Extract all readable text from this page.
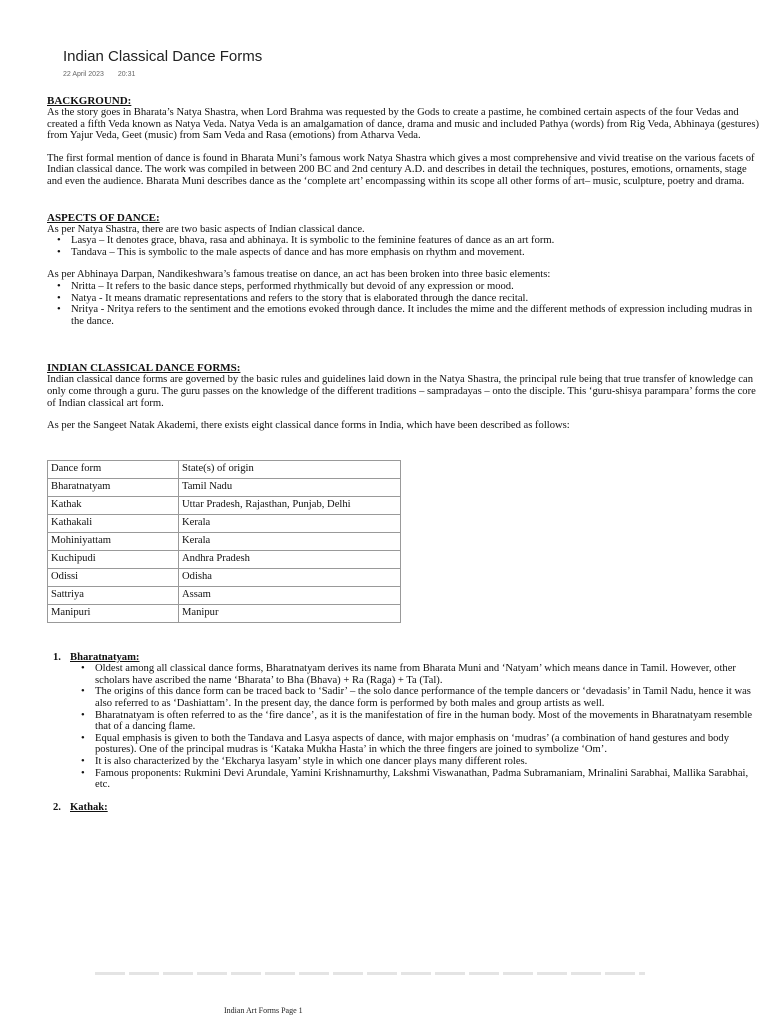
Indian Classical Dance Forms
22 April 2023 20:31
BACKGROUND:

As the story goes in Bharata’s Natya Shastra, when Lord Brahma was requested by the Gods to create a pastime, he combined certain aspects of the four Vedas and created a fifth Veda known as Natya Veda. Natya Veda is an amalgamation of dance, drama and music and included Pathya (words) from Rig Veda, Abhinaya (gestures) from Yajur Veda, Geet (music) from Sam Veda and Rasa (emotions) from Atharva Veda.

The first formal mention of dance is found in Bharata Muni’s famous work Natya Shastra which gives a most comprehensive and vivid treatise on the various facets of Indian classical dance. The work was compiled in between 200 BC and 2nd century A.D. and describes in detail the techniques, postures, emotions, ornaments, stage and even the audience. Bharata Muni describes dance as the ‘complete art’ encompassing within its scope all other forms of art– music, sculpture, poetry and drama.

ASPECTS OF DANCE:

As per Natya Shastra, there are two basic aspects of Indian classical dance.

• Lasya – It denotes grace, bhava, rasa and abhinaya. It is symbolic to the feminine features of dance as an art form.
• Tandava – This is symbolic to the male aspects of dance and has more emphasis on rhythm and movement.

As per Abhinaya Darpan, Nandikeshwara’s famous treatise on dance, an act has been broken into three basic elements:

• Nritta – It refers to the basic dance steps, performed rhythmically but devoid of any expression or mood.
• Natya - It means dramatic representations and refers to the story that is elaborated through the dance recital.
• Nritya - Nritya refers to the sentiment and the emotions evoked through dance. It includes the mime and the different methods of expression including mudras in the dance.
INDIAN CLASSICAL DANCE FORMS:

Indian classical dance forms are governed by the basic rules and guidelines laid down in the Natya Shastra, the principal rule being that true transfer of knowledge can only come through a guru. The guru passes on the knowledge of the different traditions – sampradayas – onto the disciple. This ‘guru-shisya parampara’ forms the core of Indian classical art form.

As per the Sangeet Natak Akademi, there exists eight classical dance forms in India, which have been described as follows:

Dance form	State(s) of origin
Bharatnatyam	Tamil Nadu
Kathak	Uttar Pradesh, Rajasthan, Punjab, Delhi
Kathakali	Kerala
Mohiniyattam	Kerala
Kuchipudi	Andhra Pradesh
Odissi	Odisha
Sattriya	Assam
Manipuri	Manipur
1. Bharatnatyam:
• Oldest among all classical dance forms, Bharatnatyam derives its name from Bharata Muni and ‘Natyam’ which means dance in Tamil. However, other scholars have ascribed the name ‘Bharata’ to Bha (Bhava) + Ra (Raga) + Ta (Tal).
• The origins of this dance form can be traced back to ‘Sadir’ – the solo dance performance of the temple dancers or ‘devadasis’ in Tamil Nadu, hence it was also referred to as ‘Dashiattam’. In the present day, the dance form is performed by both males and group artists as well.
• Bharatnatyam is often referred to as the ‘fire dance’, as it is the manifestation of fire in the human body. Most of the movements in Bharatnatyam resemble that of a dancing flame.
• Equal emphasis is given to both the Tandava and Lasya aspects of dance, with major emphasis on ‘mudras’ (a combination of hand gestures and body postures). One of the principal mudras is ‘Kataka Mukha Hasta’ in which the three fingers are joined to symbolize ‘Om’.
• It is also characterized by the ‘Ekcharya lasyam’ style in which one dancer plays many different roles.
• Famous proponents: Rukmini Devi Arundale, Yamini Krishnamurthy, Lakshmi Viswanathan, Padma Subramaniam, Mrinalini Sarabhai, Mallika Sarabhai, etc.
2. Kathak:
Indian Art Forms Page 1
